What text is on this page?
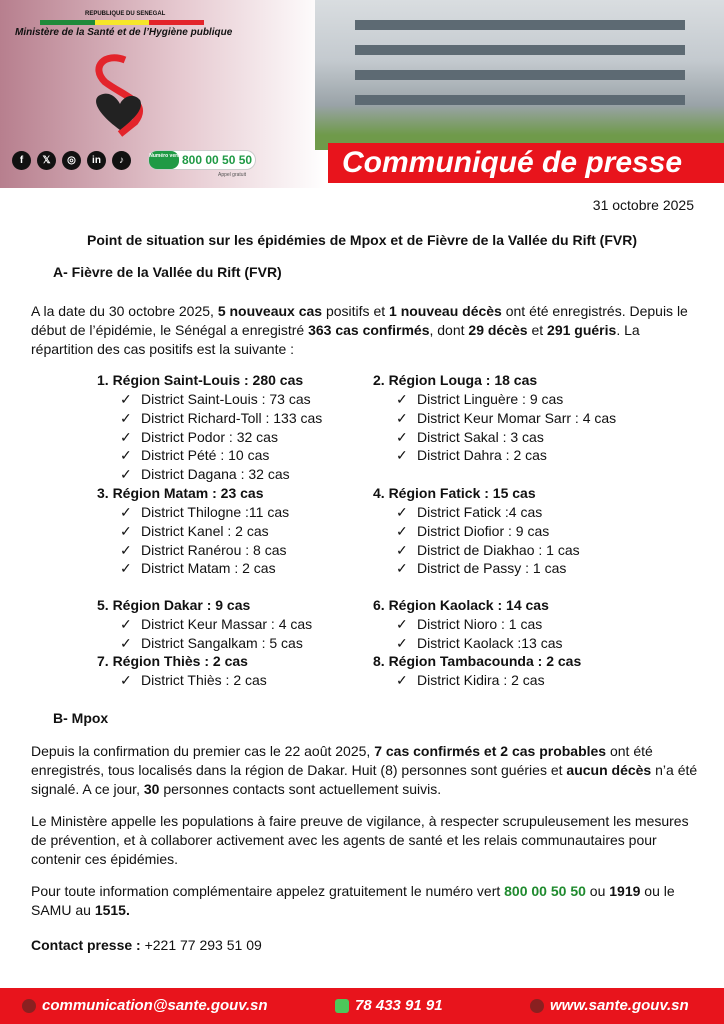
REPUBLIQUE DU SENEGAL
Ministère de la Santé et de l’Hygiène publique
f	𝕏	◎	in	♪	Numéro vert 800 00 50 50
Appel gratuit	Communiqué de presse
31 octobre 2025
Point de situation sur les épidémies de Mpox et de Fièvre de la Vallée du Rift (FVR)
A- Fièvre de la Vallée du Rift (FVR)
A la date du 30 octobre 2025, 5 nouveaux cas positifs et 1 nouveau décès ont été enregistrés. Depuis le début de l’épidémie, le Sénégal a enregistré 363 cas confirmés, dont 29 décès et 291 guéris. La répartition des cas positifs est la suivante :
1. Région Saint-Louis : 280 cas
✓ District Saint-Louis : 73 cas
✓ District Richard-Toll : 133 cas
✓ District Podor : 32 cas
✓ District Pété : 10 cas
✓ District Dagana : 32 cas
2. Région Louga : 18 cas
✓ District Linguère : 9 cas
✓ District Keur Momar Sarr : 4 cas
✓ District Sakal : 3 cas
✓ District Dahra : 2 cas
3. Région Matam : 23 cas
✓ District Thilogne :11 cas
✓ District Kanel : 2 cas
✓ District Ranérou : 8 cas
✓ District Matam : 2 cas
4. Région Fatick : 15 cas
✓ District Fatick :4 cas
✓ District Diofior : 9 cas
✓ District de Diakhao : 1 cas
✓ District de Passy : 1 cas
5. Région Dakar : 9 cas
✓ District Keur Massar : 4 cas
✓ District Sangalkam : 5 cas
6. Région Kaolack : 14 cas
✓ District Nioro : 1 cas
✓ District Kaolack :13 cas
7. Région Thiès : 2 cas
✓ District Thiès : 2 cas
8. Région Tambacounda : 2 cas
✓ District Kidira : 2 cas
B- Mpox
Depuis la confirmation du premier cas le 22 août 2025, 7 cas confirmés et 2 cas probables ont été enregistrés, tous localisés dans la région de Dakar. Huit (8) personnes sont guéries et aucun décès n’a été signalé. A ce jour, 30 personnes contacts sont actuellement suivis.
Le Ministère appelle les populations à faire preuve de vigilance, à respecter scrupuleusement les mesures de prévention, et à collaborer activement avec les agents de santé et les relais communautaires pour contenir ces épidémies.
Pour toute information complémentaire appelez gratuitement le numéro vert 800 00 50 50 ou 1919 ou le SAMU au 1515.
Contact presse : +221 77 293 51 09
communication@sante.gouv.sn	78 433 91 91	www.sante.gouv.sn
